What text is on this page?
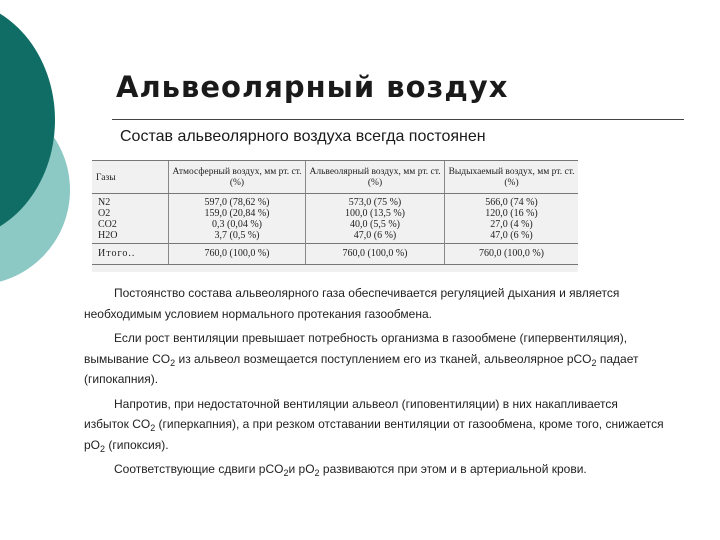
Альвеолярный воздух
Состав альвеолярного воздуха всегда постоянен
Газы	Атмосферный воздух, мм рт. ст. (%)	Альвеолярный воздух, мм рт. ст. (%)	Выдыхаемый воздух, мм рт. ст. (%)
N2	597,0 (78,62 %)	573,0 (75 %)	566,0 (74 %)
O2	159,0 (20,84 %)	100,0 (13,5 %)	120,0 (16 %)
CO2	0,3 (0,04 %)	40,0 (5,5 %)	27,0 (4 %)
H2O	3,7 (0,5 %)	47,0 (6 %)	47,0 (6 %)
Итого..	760,0 (100,0 %)	760,0 (100,0 %)	760,0 (100,0 %)

Постоянство состава альвеолярного газа обеспечивается регуляцией дыхания и является необходимым условием нормального протекания газообмена.

Если рост вентиляции превышает потребность организма в газообмене (гипервентиляция), вымывание $CO_2$ из альвеол возмещается поступлением его из тканей, альвеолярное pCO$_2$ падает (гипокапния).

Напротив, при недостаточной вентиляции альвеол (гиповентиляции) в них накапливается избыток $CO_2$ (гиперкапния), а при резком отставании вентиляции от газообмена, кроме того, снижается $pO_2$ (гипоксия).

Соответствующие сдвиги pCO$_2$и $pO_2$ развиваются при этом и в артериальной крови.
